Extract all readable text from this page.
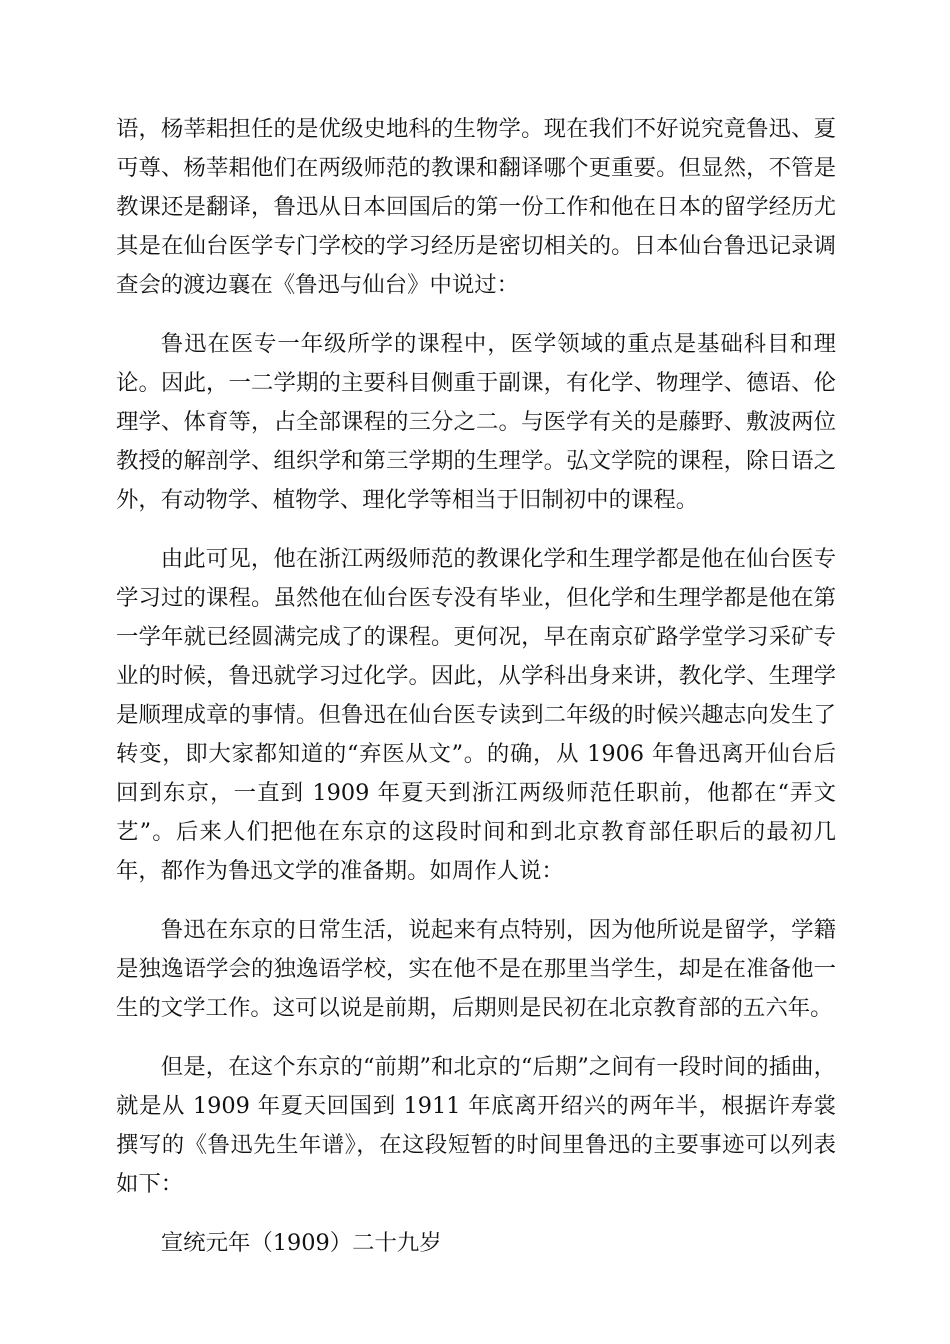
语，杨莘耜担任的是优级史地科的生物学。现在我们不好说究竟鲁迅、夏丏尊、杨莘耜他们在两级师范的教课和翻译哪个更重要。但显然，不管是教课还是翻译，鲁迅从日本回国后的第一份工作和他在日本的留学经历尤其是在仙台医学专门学校的学习经历是密切相关的。日本仙台鲁迅记录调查会的渡边襄在《鲁迅与仙台》中说过：

鲁迅在医专一年级所学的课程中，医学领域的重点是基础科目和理论。因此，一二学期的主要科目侧重于副课，有化学、物理学、德语、伦理学、体育等，占全部课程的三分之二。与医学有关的是藤野、敷波两位教授的解剖学、组织学和第三学期的生理学。弘文学院的课程，除日语之外，有动物学、植物学、理化学等相当于旧制初中的课程。

由此可见，他在浙江两级师范的教课化学和生理学都是他在仙台医专学习过的课程。虽然他在仙台医专没有毕业，但化学和生理学都是他在第一学年就已经圆满完成了的课程。更何况，早在南京矿路学堂学习采矿专业的时候，鲁迅就学习过化学。因此，从学科出身来讲，教化学、生理学是顺理成章的事情。但鲁迅在仙台医专读到二年级的时候兴趣志向发生了转变，即大家都知道的“弃医从文”。的确，从 1906 年鲁迅离开仙台后回到东京，一直到 1909 年夏天到浙江两级师范任职前，他都在“弄文艺”。后来人们把他在东京的这段时间和到北京教育部任职后的最初几年，都作为鲁迅文学的准备期。如周作人说：

鲁迅在东京的日常生活，说起来有点特别，因为他所说是留学，学籍是独逸语学会的独逸语学校，实在他不是在那里当学生，却是在准备他一生的文学工作。这可以说是前期，后期则是民初在北京教育部的五六年。

但是，在这个东京的“前期”和北京的“后期”之间有一段时间的插曲，就是从 1909 年夏天回国到 1911 年底离开绍兴的两年半，根据许寿裳撰写的《鲁迅先生年谱》，在这段短暂的时间里鲁迅的主要事迹可以列表如下：

宣统元年（1909）二十九岁
